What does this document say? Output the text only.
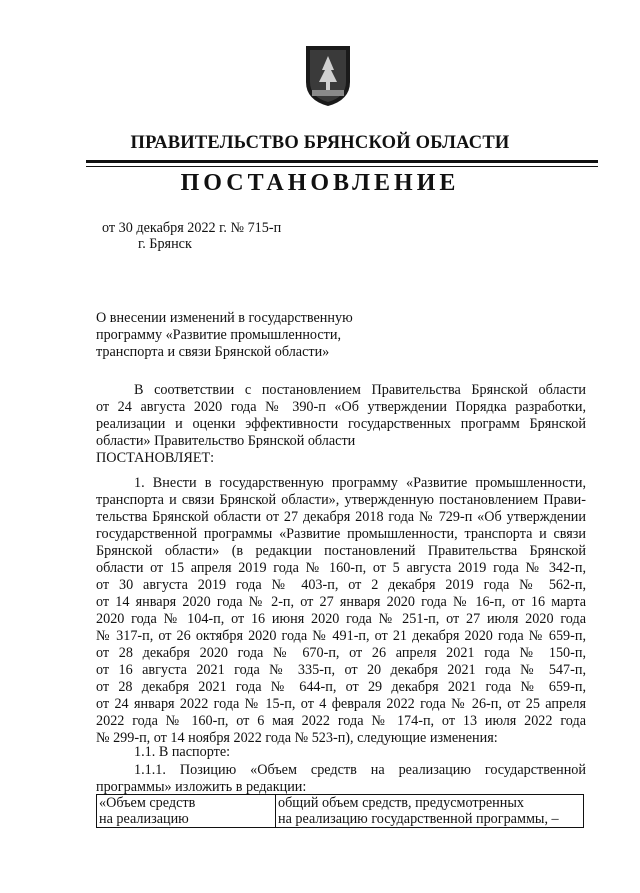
ПРАВИТЕЛЬСТВО БРЯНСКОЙ ОБЛАСТИ
ПОСТАНОВЛЕНИЕ
от 30 декабря 2022 г. № 715-п
г. Брянск
О внесении изменений в государственную
программу «Развитие промышленности,
транспорта и связи Брянской области»
В соответствии с постановлением Правительства Брянской области
от 24 августа 2020 года № 390-п «Об утверждении Порядка разработки,
реализации и оценки эффективности государственных программ Брянской
области» Правительство Брянской области
ПОСТАНОВЛЯЕТ:
1. Внести в государственную программу «Развитие промышленности,
транспорта и связи Брянской области», утвержденную постановлением Прави-
тельства Брянской области от 27 декабря 2018 года № 729-п «Об утверждении
государственной программы «Развитие промышленности, транспорта и связи
Брянской области» (в редакции постановлений Правительства Брянской
области от 15 апреля 2019 года № 160-п, от 5 августа 2019 года № 342-п,
от 30 августа 2019 года № 403-п, от 2 декабря 2019 года № 562-п,
от 14 января 2020 года № 2-п, от 27 января 2020 года № 16-п, от 16 марта
2020 года № 104-п, от 16 июня 2020 года № 251-п, от 27 июля 2020 года
№ 317-п, от 26 октября 2020 года № 491-п, от 21 декабря 2020 года № 659-п,
от 28 декабря 2020 года № 670-п, от 26 апреля 2021 года № 150-п,
от 16 августа 2021 года № 335-п, от 20 декабря 2021 года № 547-п,
от 28 декабря 2021 года № 644-п, от 29 декабря 2021 года № 659-п,
от 24 января 2022 года № 15-п, от 4 февраля 2022 года № 26-п, от 25 апреля
2022 года № 160-п, от 6 мая 2022 года № 174-п, от 13 июля 2022 года
№ 299-п, от 14 ноября 2022 года № 523-п), следующие изменения:
1.1. В паспорте:
1.1.1. Позицию «Объем средств на реализацию государственной
программы» изложить в редакции:
«Объем средств
на реализацию

общий объем средств, предусмотренных
на реализацию государственной программы, –
